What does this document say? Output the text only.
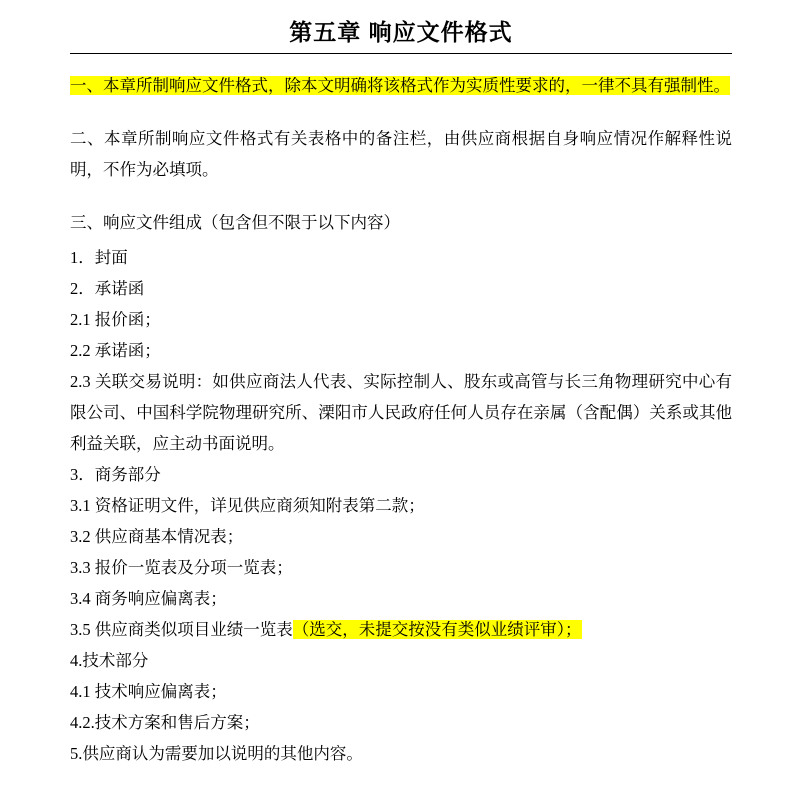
第五章 响应文件格式

一、本章所制响应文件格式，除本文明确将该格式作为实质性要求的，一律不具有强制性。

二、本章所制响应文件格式有关表格中的备注栏，由供应商根据自身响应情况作解释性说明，不作为必填项。

三、响应文件组成（包含但不限于以下内容）

1．封面

2．承诺函

2.1 报价函；

2.2 承诺函；

2.3 关联交易说明：如供应商法人代表、实际控制人、股东或高管与长三角物理研究中心有限公司、中国科学院物理研究所、溧阳市人民政府任何人员存在亲属（含配偶）关系或其他利益关联，应主动书面说明。

3．商务部分

3.1 资格证明文件，详见供应商须知附表第二款；

3.2 供应商基本情况表；

3.3 报价一览表及分项一览表；

3.4 商务响应偏离表；

3.5 供应商类似项目业绩一览表（选交，未提交按没有类似业绩评审）；

4.技术部分

4.1 技术响应偏离表；

4.2.技术方案和售后方案；

5.供应商认为需要加以说明的其他内容。
